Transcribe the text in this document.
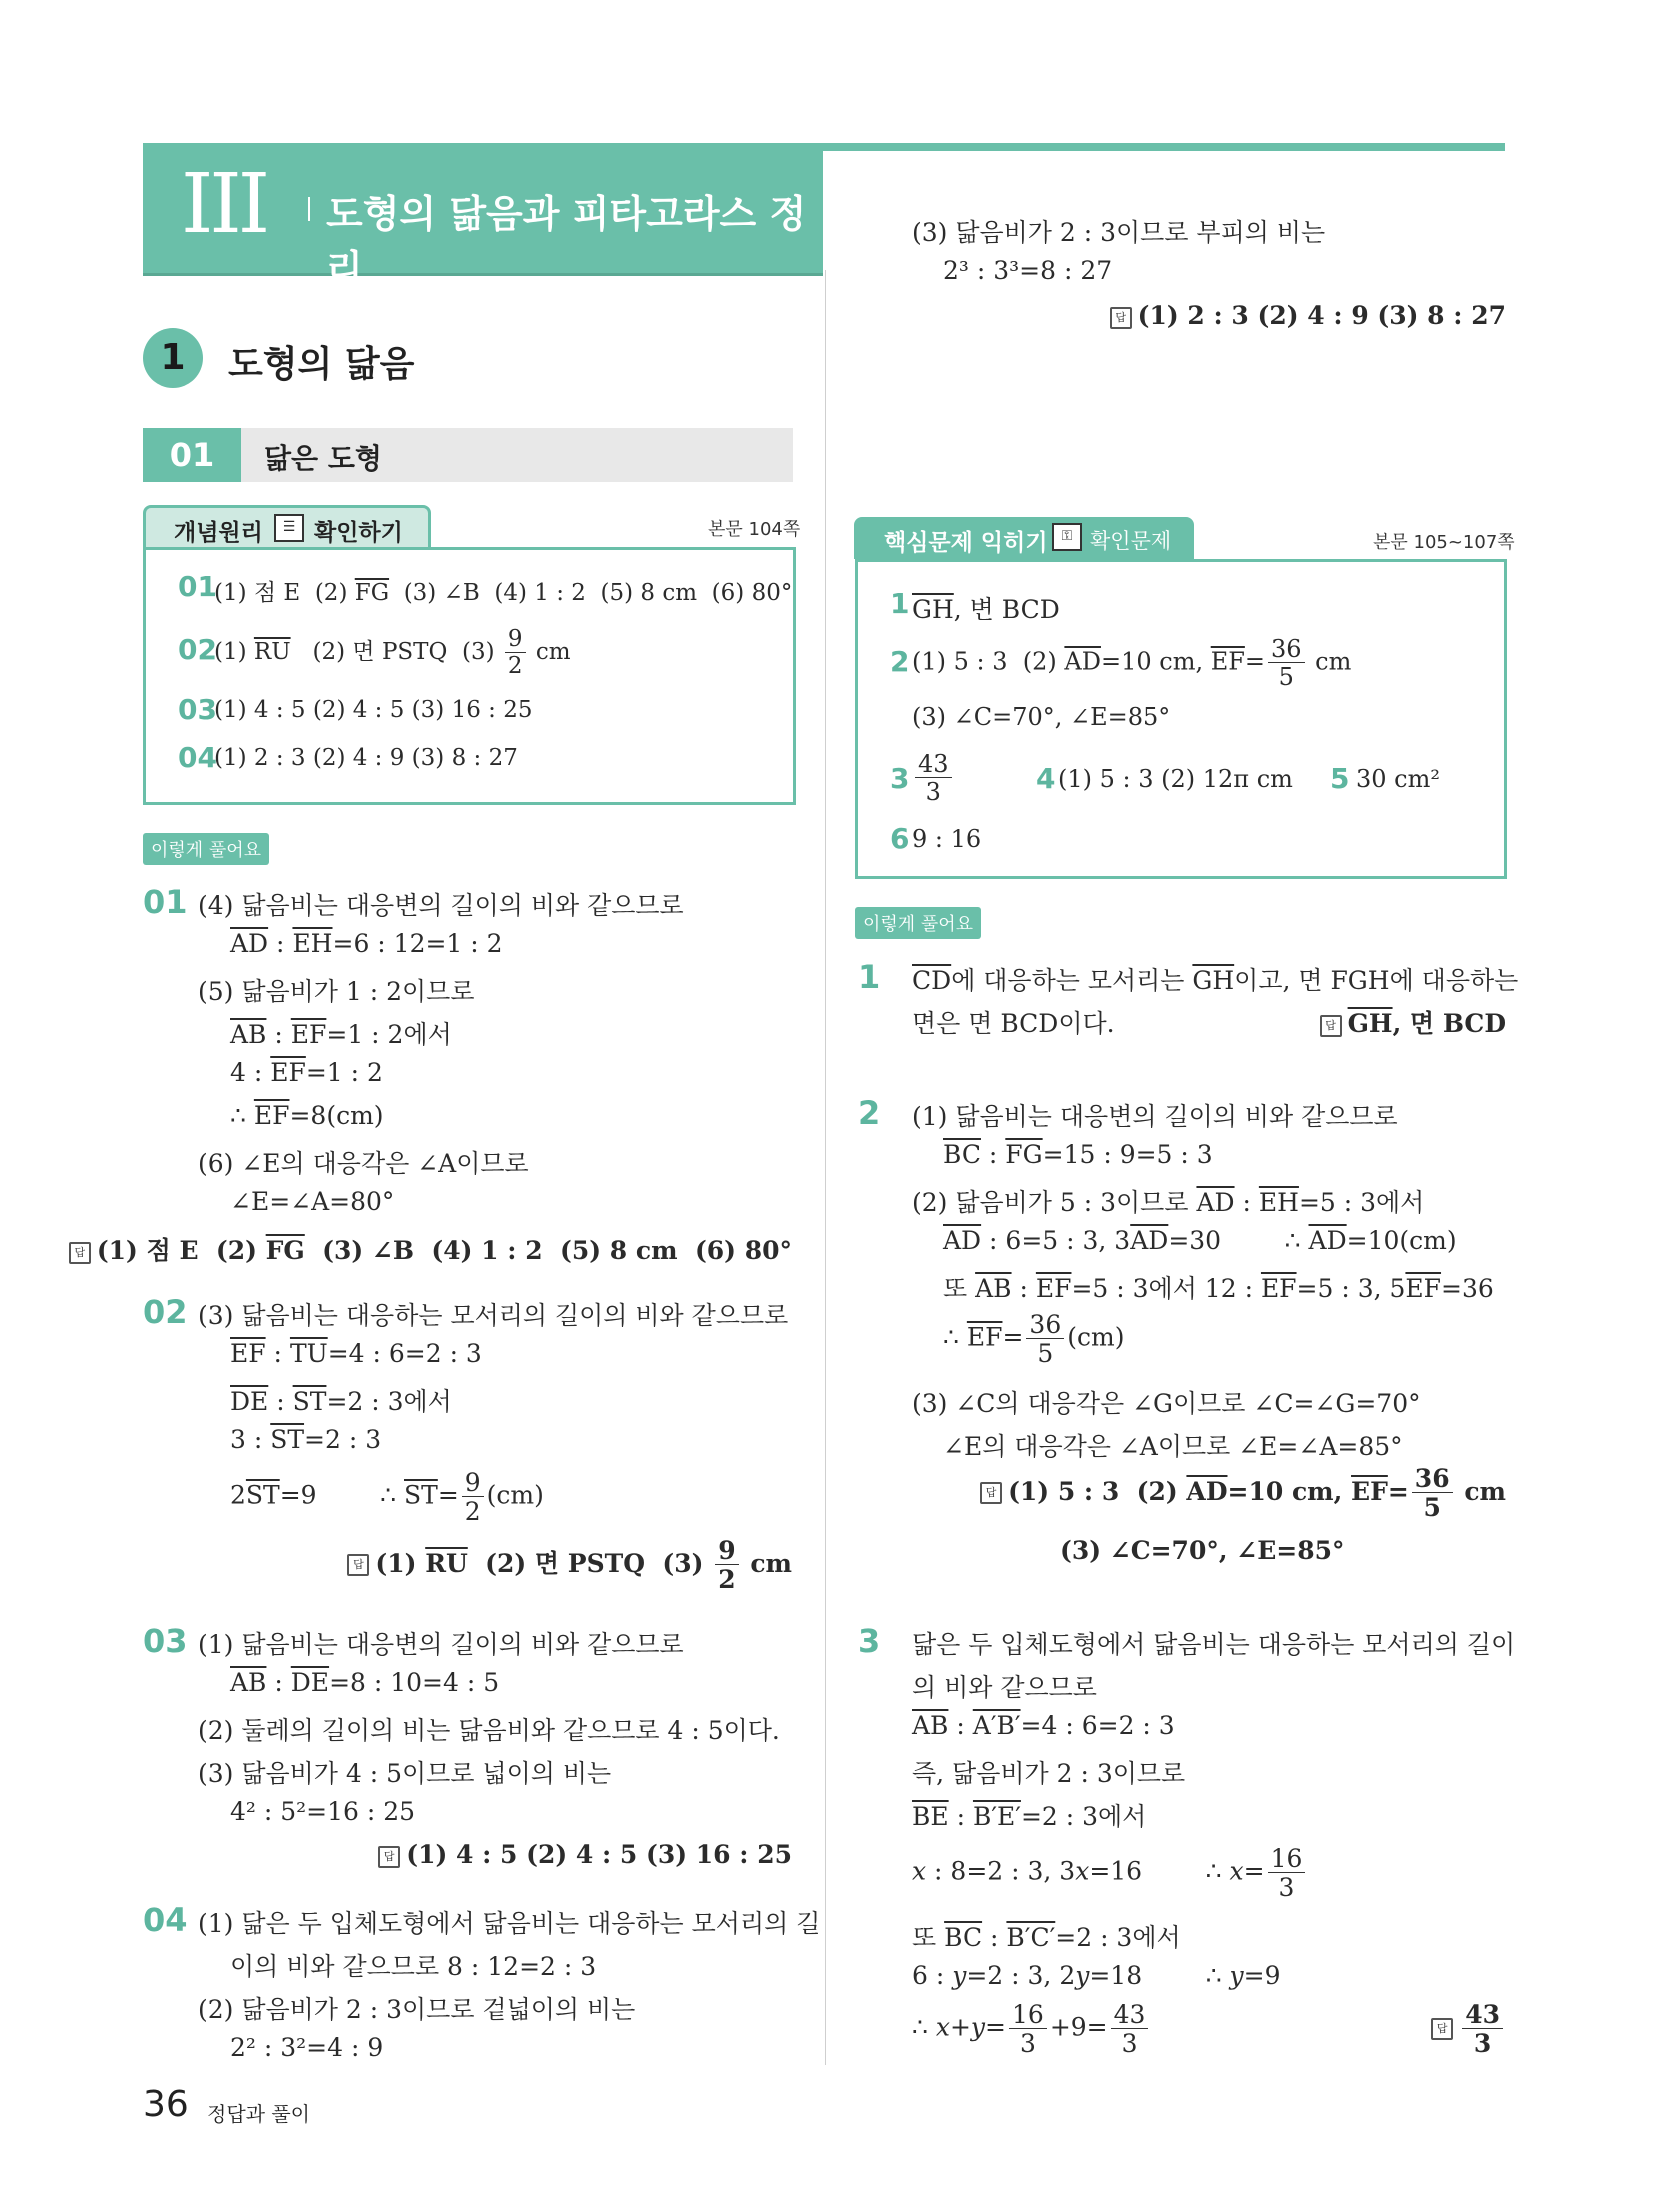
III 도형의 닮음과 피타고라스 정리
1	도형의 닮음
01	닮은 도형
개념원리	☰ 확인하기	본문 104쪽
01
(1) 점 E  (2) $\overline{FG}$  (3) ∠B  (4) 1 : 2  (5) 8 cm  (6) 80°
02
(1) $\overline{RU}$   (2) 면 PSTQ  $(3) \frac{9}{2}$ cm
03
(1) 4 : 5 (2) 4 : 5 (3) 16 : 25
04
(1) 2 : 3 (2) 4 : 9 (3) 8 : 27
이렇게 풀어요
01 (4) 닮음비는 대응변의 길이의 비와 같으므로
$\overline{AD}$ : $\overline{EH}=6$ : 12=1 : 2
(5) 닮음비가 1 : 2이므로
$\overline{AB}$ : $\overline{EF}=1$ : 2에서
4 : $\overline{EF}=1$ : 2
∴ $\overline{EF}=8(cm)$
(6) ∠E의 대응각은 ∠A이므로
∠E=∠A=80°
답 (1) 점 E  (2) $\overline{FG}$  (3) ∠B  (4) 1 : 2  (5) 8 cm  (6) 80°
02 (3) 닮음비는 대응하는 모서리의 길이의 비와 같으므로
$\overline{EF}$ : $\overline{TU}=4$ : 6=2 : 3
$\overline{DE}$ : $\overline{ST}=2$ : 3에서
3 : $\overline{ST}=2$ : 3
$2\overline{ST}=9$        ∴ $\overline{ST}= \frac{9}{2} (cm)$
답 (1) $\overline{RU}$  (2) 면 PSTQ  $(3) \frac{9}{2}$ cm
03 (1) 닮음비는 대응변의 길이의 비와 같으므로
$\overline{AB}$ : $\overline{DE}=8$ : 10=4 : 5
(2) 둘레의 길이의 비는 닮음비와 같으므로 4 : 5이다.
(3) 닮음비가 4 : 5이므로 넓이의 비는
4² : 5²=16 : 25
답 (1) 4 : 5 (2) 4 : 5 (3) 16 : 25
04 (1) 닮은 두 입체도형에서 닮음비는 대응하는 모서리의 길
이의 비와 같으므로 8 : 12=2 : 3
(2) 닮음비가 2 : 3이므로 겉넓이의 비는
2² : 3²=4 : 9
(3) 닮음비가 2 : 3이므로 부피의 비는
2³ : 3³=8 : 27
답 (1) 2 : 3 (2) 4 : 9 (3) 8 : 27
핵심문제 익히기	⚿ 확인문제	본문 105~107쪽
1 $\overline{GH}$, 변 BCD
2 (1) 5 : 3  (2) $\overline{AD}=10$ cm, $\overline{EF}= \frac{36}{5}$ cm
(3) ∠C=70°, ∠E=85°
$3 \frac{43}{3}$	4 (1) 5 : 3 (2) 12π cm 5 30 cm²
6 9 : 16
이렇게 풀어요
1 $\overline{CD}$에 대응하는 모서리는 $\overline{GH}$이고, 면 FGH에 대응하는
면은 면 BCD이다.	답 $\overline{GH}$, 면 BCD
2 (1) 닮음비는 대응변의 길이의 비와 같으므로
$\overline{BC}$ : $\overline{FG}=15$ : 9=5 : 3
(2) 닮음비가 5 : 3이므로 $\overline{AD}$ : $\overline{EH}=5$ : 3에서
$\overline{AD}$ : 6=5 : 3, $3\overline{AD}=30$        ∴ $\overline{AD}=10(cm)$
또 $\overline{AB}$ : $\overline{EF}=5$ : 3에서 12 : $\overline{EF}=5$ : 3, $5\overline{EF}=36$
∴ $\overline{EF}= \frac{36}{5} (cm)$
(3) ∠C의 대응각은 ∠G이므로 ∠C=∠G=70°
∠E의 대응각은 ∠A이므로 ∠E=∠A=85°
답 (1) 5 : 3  (2) $\overline{AD}=10$ cm, $\overline{EF}= \frac{36}{5}$ cm
(3) ∠C=70°, ∠E=85°
3 닮은 두 입체도형에서 닮음비는 대응하는 모서리의 길이
의 비와 같으므로
$\overline{AB}$ : A′B′=4 : 6=2 : 3
즉, 닮음비가 2 : 3이므로
$\overline{BE}$ : B′E′=2 : 3에서
x : 8=2 : 3, 3x=16        ∴ $x= \frac{16}{3}$
또 $\overline{BC}$ : B′C′=2 : 3에서
6 : y=2 : 3, 2y=18        ∴ y=9
∴ $x+y= \frac{16}{3} +9= \frac{43}{3}$	답 $\frac{43}{3}$
36 정답과 풀이
